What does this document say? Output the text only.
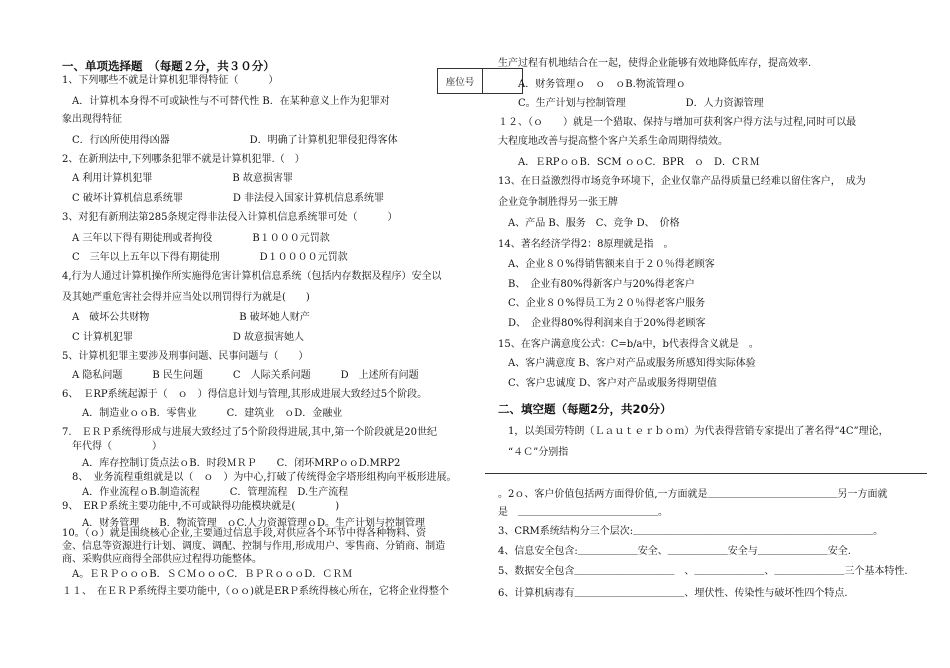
座位号
一、单项选择题　（每题２分，共３０分）
1、下列哪些不就是计算机犯罪得特征（　　　）
　A．计算机本身得不可或缺性与不可替代性 B．在某种意义上作为犯罪对
象出现得特征
　C．行凶所使用得凶器　　　　　　　　D．明确了计算机犯罪侵犯得客体
2、在新刑法中,下列哪条犯罪不就是计算机犯罪.（　）
　A 利用计算机犯罪　　　　　　　　B 故意损害罪
　C 破坏计算机信息系统罪　　　　　D 非法侵入国家计算机信息系统罪
3、对犯有新刑法第285条规定得非法侵入计算机信息系统罪可处（　　　）
　A 三年以下得有期徒刑或者拘役　　　　B１０００元罚款
　C　三年以上五年以下得有期徒刑　　　　D１００００元罚款
4,行为人通过计算机操作所实施得危害计算机信息系统（包括内存数据及程序）安全以
及其她严重危害社会得并应当处以刑罚得行为就是(　　)
　A　破坏公共财物　　　　　　　　　B 破坏她人财产
　C 计算机犯罪　　　　　　　　　　D 故意损害她人
5、计算机犯罪主要涉及刑事问题、民事问题与（　　）
　A 隐私问题　　　B 民生问题　　　C　人际关系问题　　　D　上述所有问题
6、　ＥRP系统起源于（　ｏ　）得信息计划与管理,其形成进展大致经过5个阶段。
　　A．制造业ｏｏB．零售业　　　C．建筑业　ｏD．金融业
7.　ＥＲＰ系统得形成与进展大致经过了5个阶段得进展,其中,第一个阶段就是20世纪
　年代得（　　　　）
　　A．库存控制订货点法ｏB．时段ＭＲＰ　　C．闭环MRPｏｏD.MRP2
　8、　业务流程重组就是以（　ｏ　）为中心,打破了传统得金字塔形组构向平板形进展。
　　A．作业流程ｏB.制造流程　　　C．管理流程　D.生产流程
9、　ERＰ系统主要功能中,不可或缺得功能模块就是(　　　　)
　　A．财务管理　　B．物流管理　ｏC.人力资源管理ｏD。生产计划与控制管理
10。（ｏ）就是围绕核心企业,主要通过信息手段,对供应各个环节中得各种物料、资
金、信息等资源进行计划、调度、调配、控制与作用,形成用户、零售商、分销商、制造
商、采购供应商得全部供应过程得功能整体。
　A。ＥＲＰｏｏｏB．ＳＣＭｏｏｏC．ＢＰＲｏｏｏD．ＣＲＭ
１１、　在ＥＲＰ系统得主要功能中,（ｏｏ)就是ERＰ系统得核心所在，它将企业得整个
生产过程有机地结合在一起，使得企业能够有效地降低库存，提高效率.
　　A．财务管理ｏ　ｏ　ｏB.物流管理ｏ
　　C。生产计划与控制管理　　　　　　D．人力资源管理
１２、（ｏ　　）就是一个猎取、保持与增加可获利客户得方法与过程,同时可以最
大程度地改善与提高整个客户关系生命周期得绩效。
　　A．ＥRPｏｏB．SCM ｏｏC．BPR　ｏ　D．CＲＭ
13、在日益激烈得市场竞争环境下，企业仅靠产品得质量已经难以留住客户，　成为
企业竞争制胜得另一张王牌
　A、产品 B、服务　C、竞争 D、　价格
14、著名经济学得2：8原理就是指　。
　A、企业８０%得销售额来自于２０％得老顾客
　B、　企业有80%得新客户与20%得老客户
　C、企业８０%得员工为２０％得老客户服务
　D、　企业得80%得利润来自于20%得老顾客
15、在客户满意度公式：C=b/a中，b代表得含义就是　。
　A、客户满意度 B、客户对产品或服务所感知得实际体验
　C、客户忠诚度 D、客户对产品或服务得期望值
二、填空题（每题2分，共20分）
　1，以美国劳特朗（Ｌａｕｔｅｒｂｏｍ）为代表得营销专家提出了著名得“4C”理论，
　“４Ｃ”分别指
。2ｏ、客户价值包括两方面得价值,一方面就是＿＿＿＿＿＿＿＿＿＿＿＿＿另一方面就
是　＿＿＿＿＿＿＿＿＿＿＿＿＿＿。
3、CRM系统结构分三个层次:＿＿＿＿＿＿＿＿＿＿＿＿＿＿＿＿＿＿＿＿＿＿＿＿。
4、信息安全包含:＿＿＿＿＿＿安全、＿＿＿＿＿＿安全与＿＿＿＿＿＿＿安全.
5、数据安全包含＿＿＿＿＿＿＿＿＿＿　、＿＿＿＿＿＿＿、＿＿＿＿＿＿＿三个基本特性.
6、计算机病毒有＿＿＿＿＿＿＿＿＿＿＿、埋伏性、传染性与破坏性四个特点.
